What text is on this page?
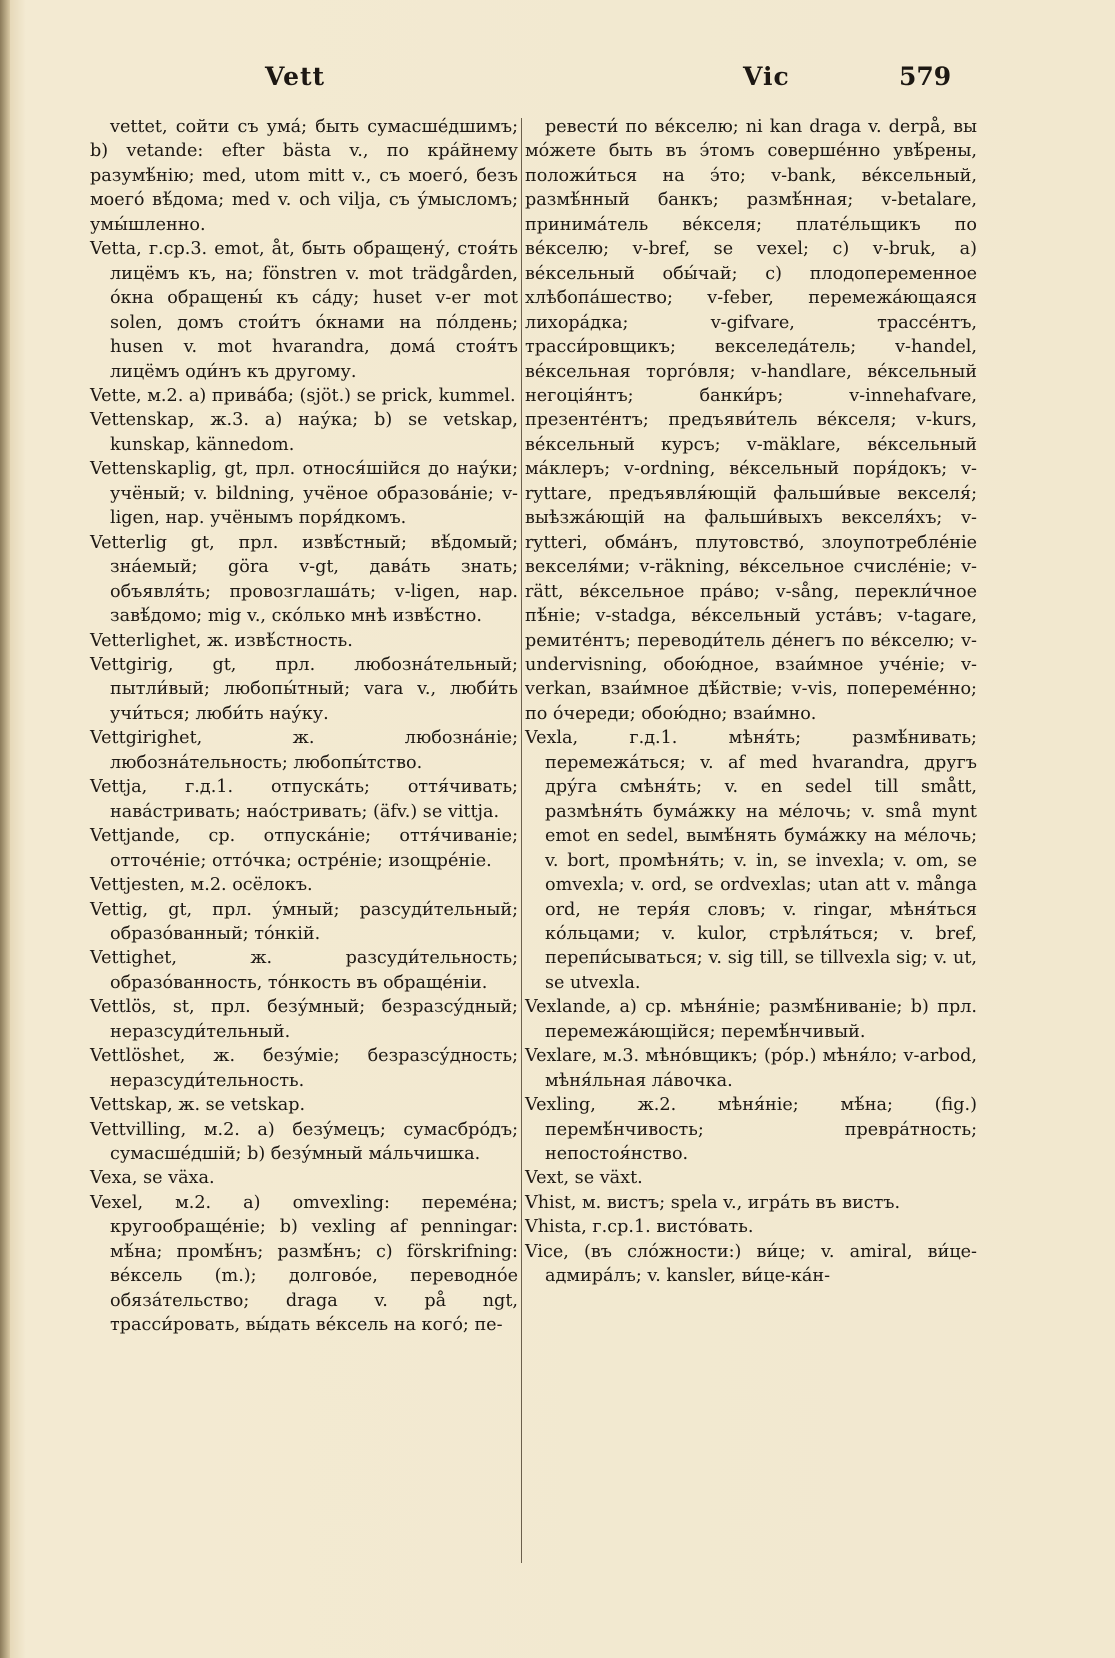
Vett	Vic	579

vettet, сойти съ ума́; быть сумасше́дшимъ; b) vetande: efter bästa v., по кра́йнему разумѣ́нію; med, utom mitt v., съ моего́, безъ моего́ вѣ́дома; med v. och vilja, съ у́мысломъ; умы́шленно.

Vetta, г.ср.3. emot, åt, быть обращену́, стоя́ть лицёмъ къ, на; fönstren v. mot trädgården, о́кна обращены́ къ са́ду; huset v-er mot solen, домъ стои́тъ о́кнами на по́лдень; husen v. mot hvarandra, дома́ стоя́тъ лицёмъ оди́нъ къ другому.

Vette, м.2. a) прива́ба; (sjöt.) se prick, kummel.

Vettenskap, ж.3. a) нау́ка; b) se vetskap, kunskap, kännedom.

Vettenskaplig, gt, прл. относя́шійся до нау́ки; учёный; v. bildning, учёное образова́ніе; v-ligen, нар. учёнымъ поря́дкомъ.

Vetterlig gt, прл. извѣ́стный; вѣ́домый; зна́емый; göra v-gt, дава́ть знать; объявля́ть; провозглаша́ть; v-ligen, нар. завѣ́домо; mig v., ско́лько мнѣ извѣ́стно.

Vetterlighet, ж. извѣ́стность.

Vettgirig, gt, прл. любозна́тельный; пытли́вый; любопы́тный; vara v., люби́ть учи́ться; люби́ть нау́ку.

Vettgirighet, ж. любозна́ніе; любозна́тельность; любопы́тство.

Vettja, г.д.1. отпуска́ть; оття́чивать; нава́стривать; нао́стривать; (äfv.) se vittja.

Vettjande, ср. отпуска́ніе; оття́чиваніе; отточе́ніе; отто́чка; остре́ніе; изощре́ніе.

Vettjesten, м.2. осёлокъ.

Vettig, gt, прл. у́мный; разсуди́тельный; образо́ванный; то́нкій.

Vettighet, ж. разсуди́тельность; образо́ванность, то́нкость въ обраще́ніи.

Vettlös, st, прл. безу́мный; безразсу́дный; неразсуди́тельный.

Vettlöshet, ж. безу́міе; безразсу́дность; неразсуди́тельность.

Vettskap, ж. se vetskap.

Vettvilling, м.2. a) безу́мецъ; сумасбро́дъ; сумасше́дшій; b) безу́мный ма́льчишка.

Vexa, se växa.

Vexel, м.2. a) omvexling: переме́на; кругообраще́ніе; b) vexling af penningar: мѣ́на; промѣ́нъ; размѣ́нъ; c) förskrifning: ве́ксель (m.); долгово́е, переводно́е обяза́тельство; draga v. på ngt, трасси́ровать, вы́дать ве́ксель на кого́; пе-

ревести́ по ве́кселю; ni kan draga v. derpå, вы мо́жете быть въ э́томъ соверше́нно увѣ́рены, положи́ться на э́то; v-bank, ве́ксельный, размѣ́нный банкъ; размѣ́нная; v-betalare, принима́тель ве́кселя; плате́льщикъ по ве́кселю; v-bref, se vexel; c) v-bruk, a) ве́ксельный обы́чай; c) плодопеременное хлѣбопа́шество; v-feber, перемежа́ющаяся лихора́дка; v-gifvare, трассе́нтъ, трасси́ровщикъ; векселеда́тель; v-handel, ве́ксельная торго́вля; v-handlare, ве́ксельный негоція́нтъ; банки́ръ; v-innehafvare, презенте́нтъ; предъяви́тель ве́кселя; v-kurs, ве́ксельный курсъ; v-mäklare, ве́ксельный ма́клеръ; v-ordning, ве́ксельный поря́докъ; v-ryttare, предъявля́ющій фальши́вые векселя́; выѣзжа́ющій на фальши́выхъ векселя́хъ; v-rytteri, обма́нъ, плутовство́, злоупотребле́ніе векселя́ми; v-räkning, ве́ксельное счисле́ніе; v-rätt, ве́ксельное пра́во; v-sång, перекли́чное пѣ́ніе; v-stadga, ве́ксельный уста́въ; v-tagare, ремите́нтъ; переводи́тель де́негъ по ве́кселю; v-undervisning, обою́дное, взаи́мное уче́ніе; v-verkan, взаи́мное дѣ́йствіе; v-vis, попереме́нно; по о́череди; обою́дно; взаи́мно.

Vexla, г.д.1. мѣня́ть; размѣ́нивать; перемежа́ться; v. af med hvarandra, другъ дру́га смѣня́ть; v. en sedel till smått, размѣня́ть бума́жку на ме́лочь; v. små mynt emot en sedel, вымѣ́нять бума́жку на ме́лочь; v. bort, промѣня́ть; v. in, se invexla; v. om, se omvexla; v. ord, se ordvexlas; utan att v. många ord, не теря́я словъ; v. ringar, мѣня́ться ко́льцами; v. kulor, стрѣля́ться; v. bref, перепи́сываться; v. sig till, se tillvexla sig; v. ut, se utvexla.

Vexlande, a) ср. мѣня́ніе; размѣ́ниваніе; b) прл. перемежа́ющійся; перемѣ́нчивый.

Vexlare, м.3. мѣно́вщикъ; (ро́р.) мѣня́ло; v-arbod, мѣня́льная ла́вочка.

Vexling, ж.2. мѣня́ніе; мѣ́на; (fig.) перемѣ́нчивость; превра́тность; непостоя́нство.

Vext, se växt.

Vhist, м. вистъ; spela v., игра́ть въ вистъ.

Vhista, г.ср.1. висто́вать.

Vice, (въ сло́жности:) ви́це; v. amiral, ви́це-адмира́лъ; v. kansler, ви́це-ка́н-
